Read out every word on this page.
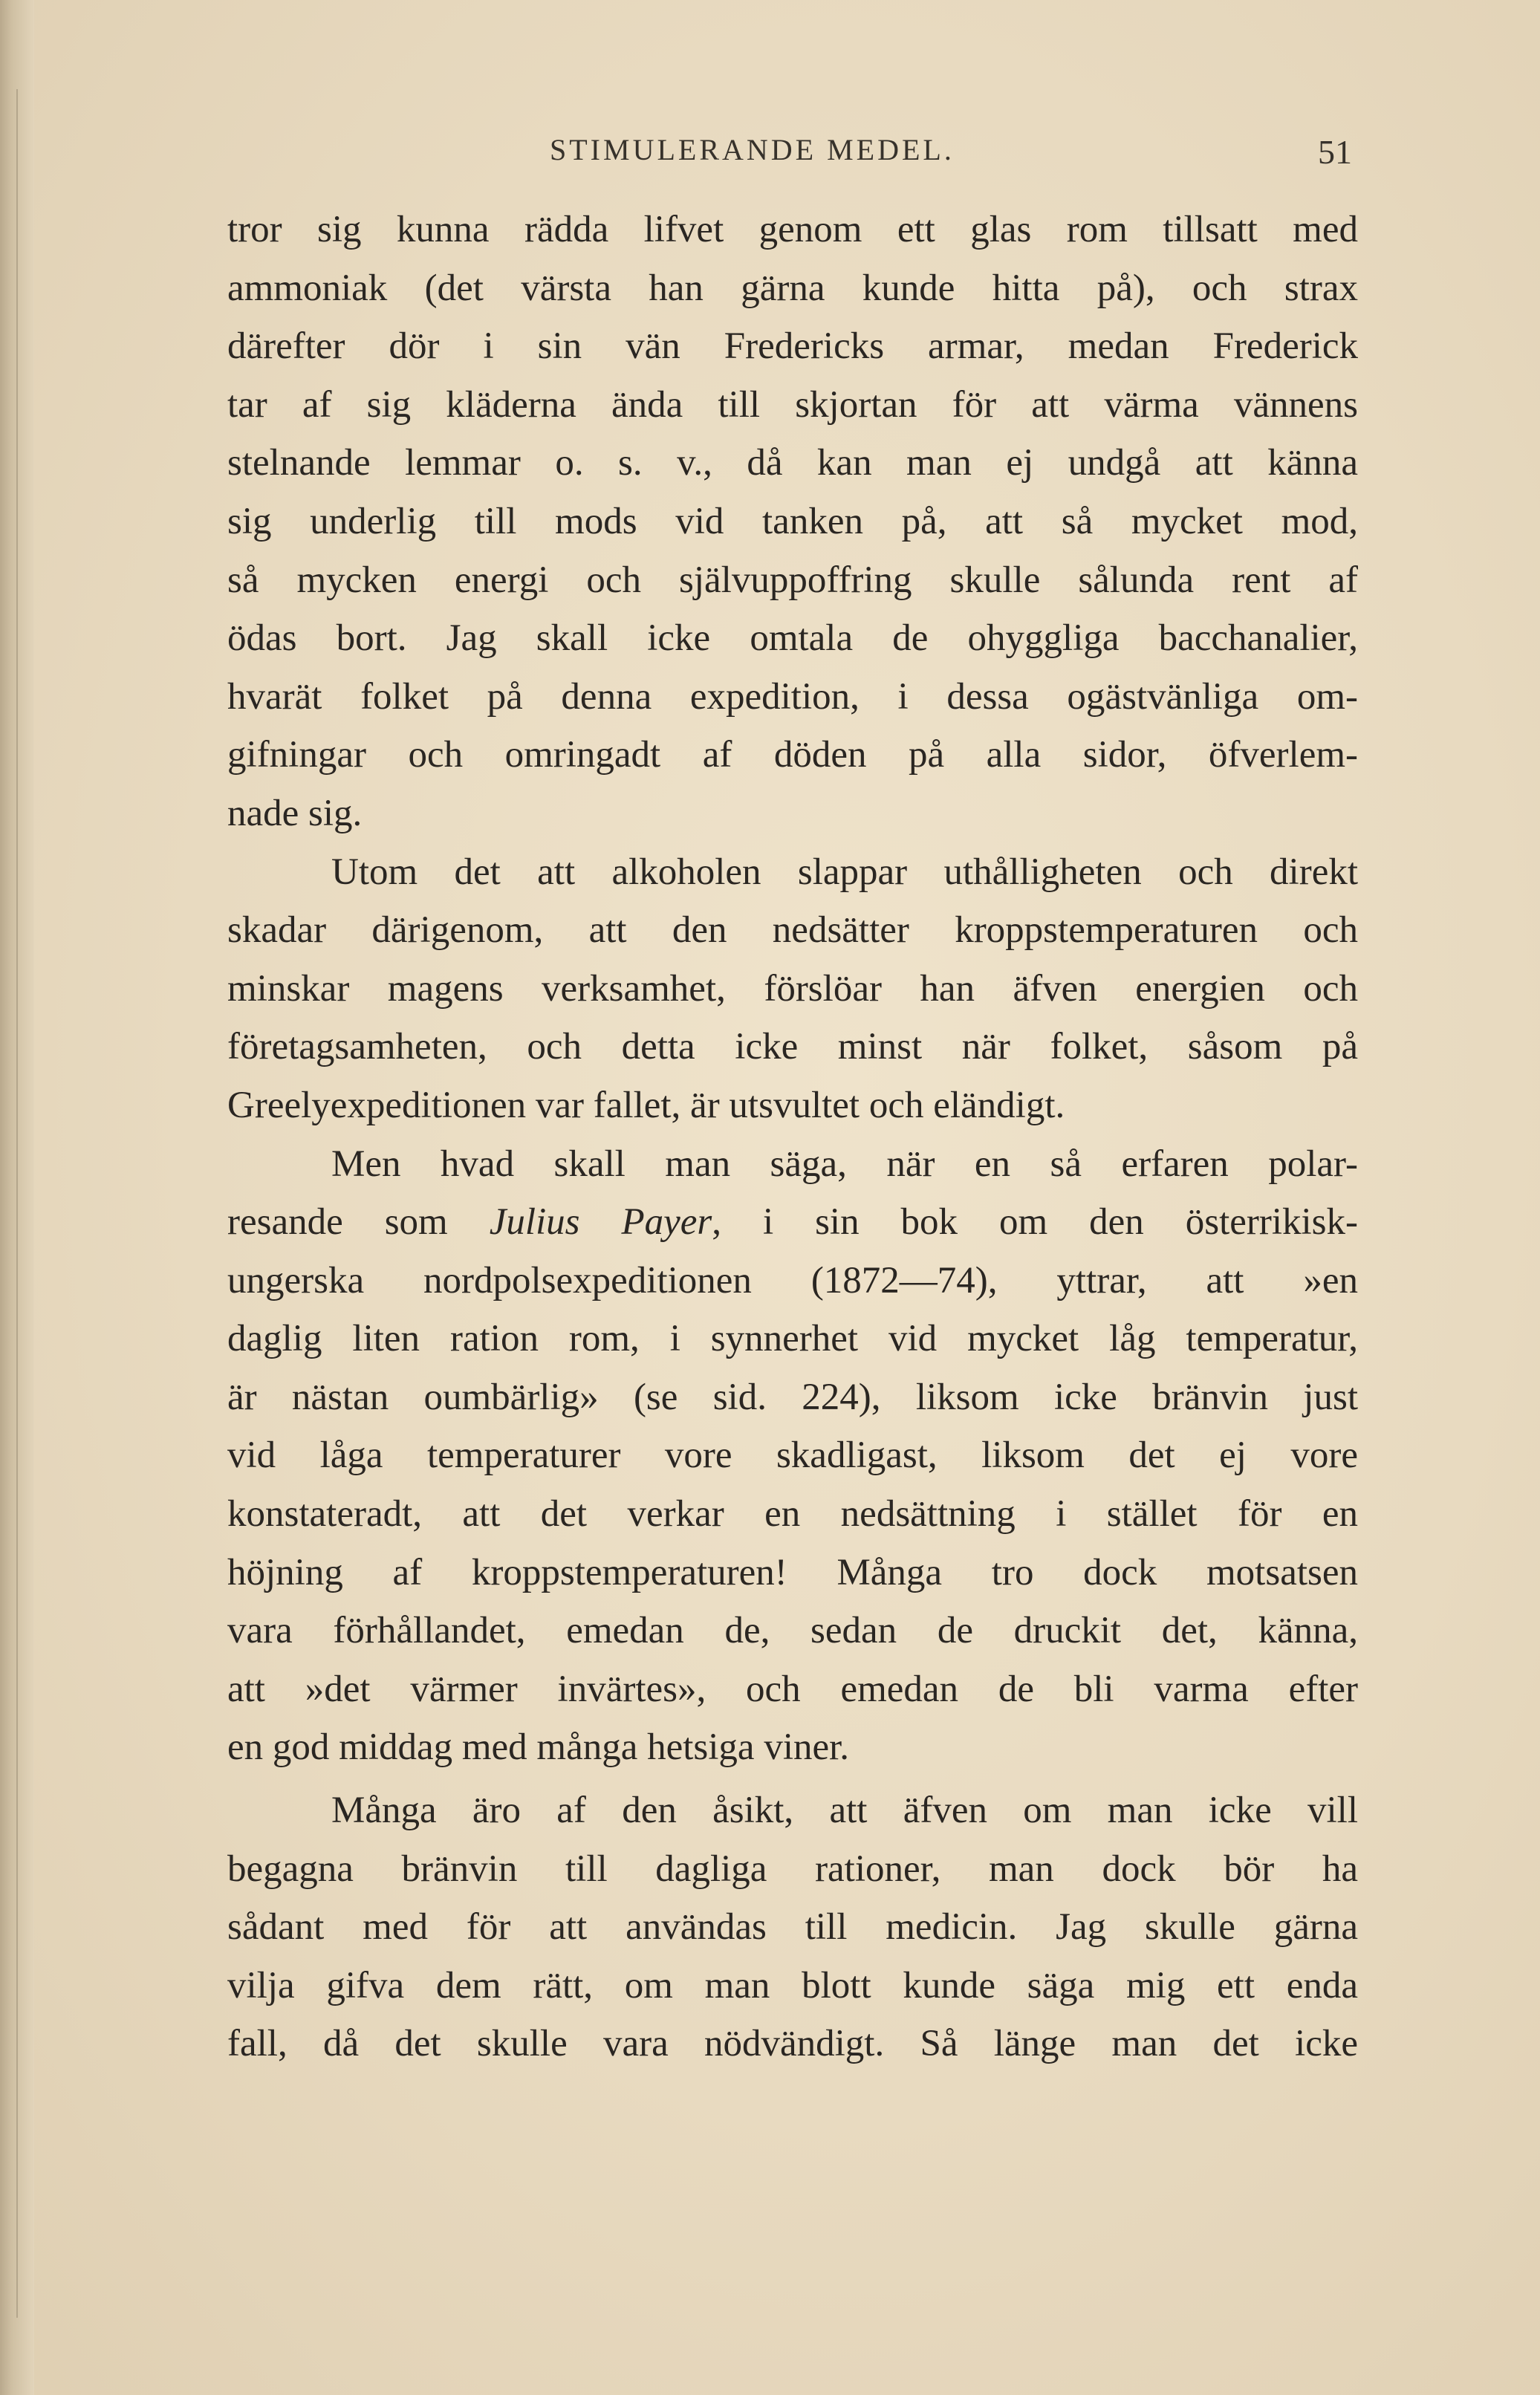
STIMULERANDE MEDEL.	51
tror sig kunna rädda lifvet genom ett glas rom tillsatt med
ammoniak (det värsta han gärna kunde hitta på), och strax
därefter dör i sin vän Fredericks armar, medan Frederick
tar af sig kläderna ända till skjortan för att värma vännens
stelnande lemmar o. s. v., då kan man ej undgå att känna
sig underlig till mods vid tanken på, att så mycket mod,
så mycken energi och självuppoffring skulle sålunda rent af
ödas bort. Jag skall icke omtala de ohyggliga bacchanalier,
hvarät folket på denna expedition, i dessa ogästvänliga om-
gifningar och omringadt af döden på alla sidor, öfverlem-
nade sig.
Utom det att alkoholen slappar uthålligheten och direkt
skadar därigenom, att den nedsätter kroppstemperaturen och
minskar magens verksamhet, förslöar han äfven energien och
företagsamheten, och detta icke minst när folket, såsom på
Greelyexpeditionen var fallet, är utsvultet och eländigt.
Men hvad skall man säga, när en så erfaren polar-
resande som Julius Payer, i sin bok om den österrikisk-
ungerska nordpolsexpeditionen (1872—74), yttrar, att »en
daglig liten ration rom, i synnerhet vid mycket låg temperatur,
är nästan oumbärlig» (se sid. 224), liksom icke bränvin just
vid låga temperaturer vore skadligast, liksom det ej vore
konstateradt, att det verkar en nedsättning i stället för en
höjning af kroppstemperaturen! Många tro dock motsatsen
vara förhållandet, emedan de, sedan de druckit det, känna,
att »det värmer invärtes», och emedan de bli varma efter
en god middag med många hetsiga viner.
Många äro af den åsikt, att äfven om man icke vill
begagna bränvin till dagliga rationer, man dock bör ha
sådant med för att användas till medicin. Jag skulle gärna
vilja gifva dem rätt, om man blott kunde säga mig ett enda
fall, då det skulle vara nödvändigt. Så länge man det icke
